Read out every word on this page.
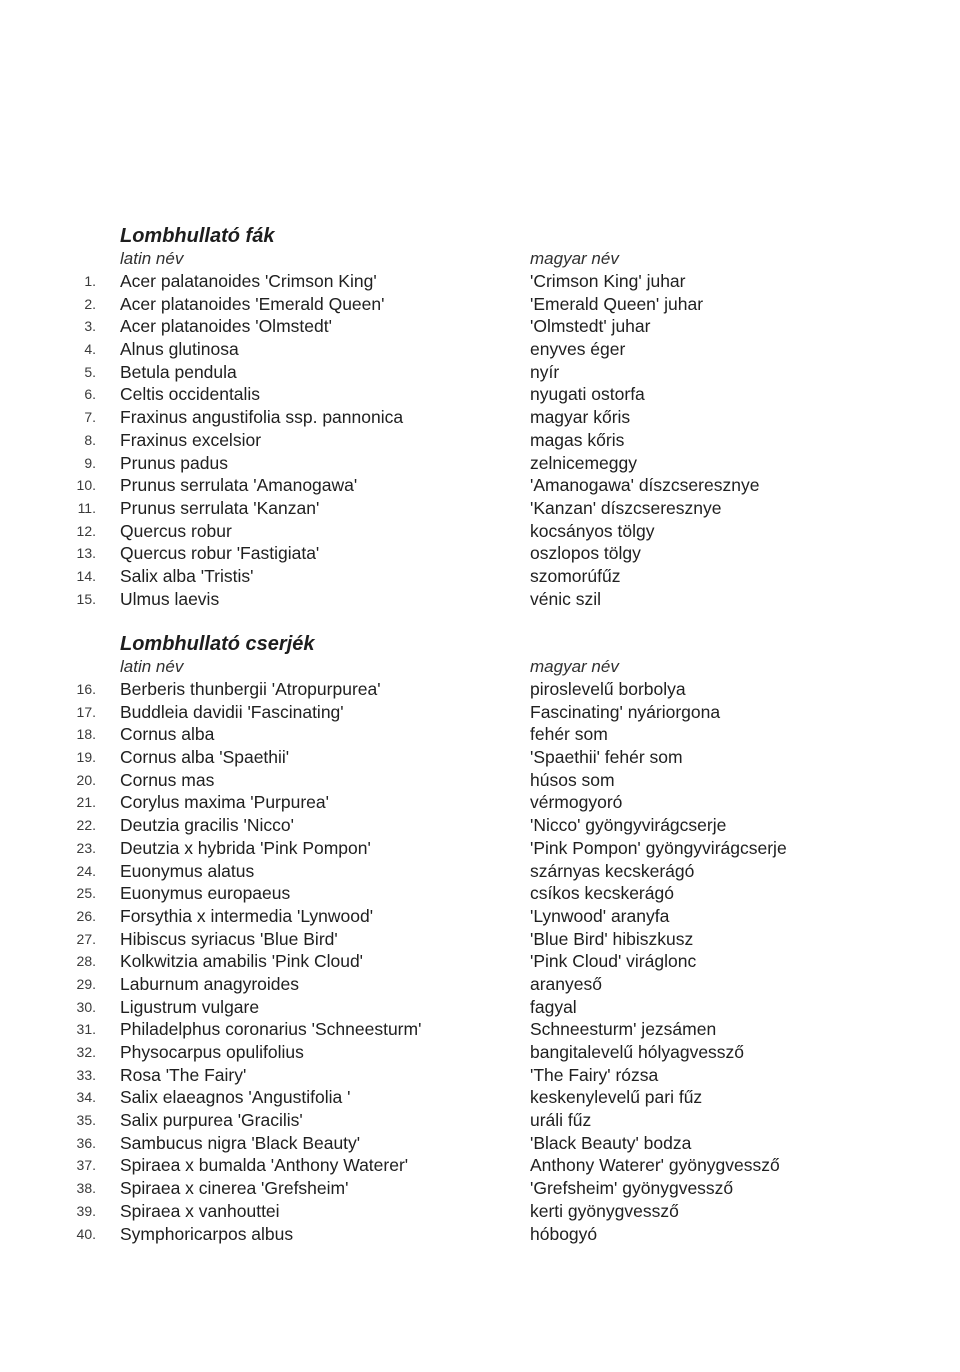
Lombhullató fák
latin név	magyar név
1. Acer palatanoides 'Crimson King'	'Crimson King' juhar
2. Acer platanoides 'Emerald Queen'	'Emerald Queen' juhar
3. Acer platanoides 'Olmstedt'	'Olmstedt' juhar
4. Alnus glutinosa	enyves éger
5. Betula pendula	nyír
6. Celtis occidentalis	nyugati ostorfa
7. Fraxinus angustifolia ssp. pannonica	magyar kőris
8. Fraxinus excelsior	magas kőris
9. Prunus padus	zelnicemeggy
10. Prunus serrulata 'Amanogawa'	'Amanogawa' díszcseresznye
11. Prunus serrulata 'Kanzan'	'Kanzan' díszcseresznye
12. Quercus robur	kocsányos tölgy
13. Quercus robur 'Fastigiata'	oszlopos tölgy
14. Salix alba 'Tristis'	szomorúfűz
15. Ulmus laevis	vénic szil
Lombhullató cserjék
latin név	magyar név
16. Berberis thunbergii 'Atropurpurea'	piroslevelű borbolya
17. Buddleia davidii 'Fascinating'	Fascinating' nyáriorgona
18. Cornus alba	fehér som
19. Cornus alba 'Spaethii'	'Spaethii' fehér som
20. Cornus mas	húsos som
21. Corylus maxima 'Purpurea'	vérmogyoró
22. Deutzia gracilis 'Nicco'	'Nicco' gyöngyvirágcserje
23. Deutzia x hybrida 'Pink Pompon'	'Pink Pompon' gyöngyvirágcserje
24. Euonymus alatus	szárnyas kecskerágó
25. Euonymus europaeus	csíkos kecskerágó
26. Forsythia x intermedia 'Lynwood'	'Lynwood' aranyfa
27. Hibiscus syriacus 'Blue Bird'	'Blue Bird' hibiszkusz
28. Kolkwitzia amabilis 'Pink Cloud'	'Pink Cloud' viráglonc
29. Laburnum anagyroides	aranyeső
30. Ligustrum vulgare	fagyal
31. Philadelphus coronarius 'Schneesturm'	Schneesturm' jezsámen
32. Physocarpus opulifolius	bangitalevelű hólyagvessző
33. Rosa 'The Fairy'	'The Fairy' rózsa
34. Salix elaeagnos 'Angustifolia '	keskenylevelű pari fűz
35. Salix purpurea 'Gracilis'	uráli fűz
36. Sambucus nigra 'Black Beauty'	'Black Beauty' bodza
37. Spiraea x bumalda 'Anthony Waterer'	Anthony Waterer' gyönygvessző
38. Spiraea x cinerea 'Grefsheim'	'Grefsheim' gyönygvessző
39. Spiraea x vanhouttei	kerti gyönygvessző
40. Symphoricarpos albus	hóbogyó
